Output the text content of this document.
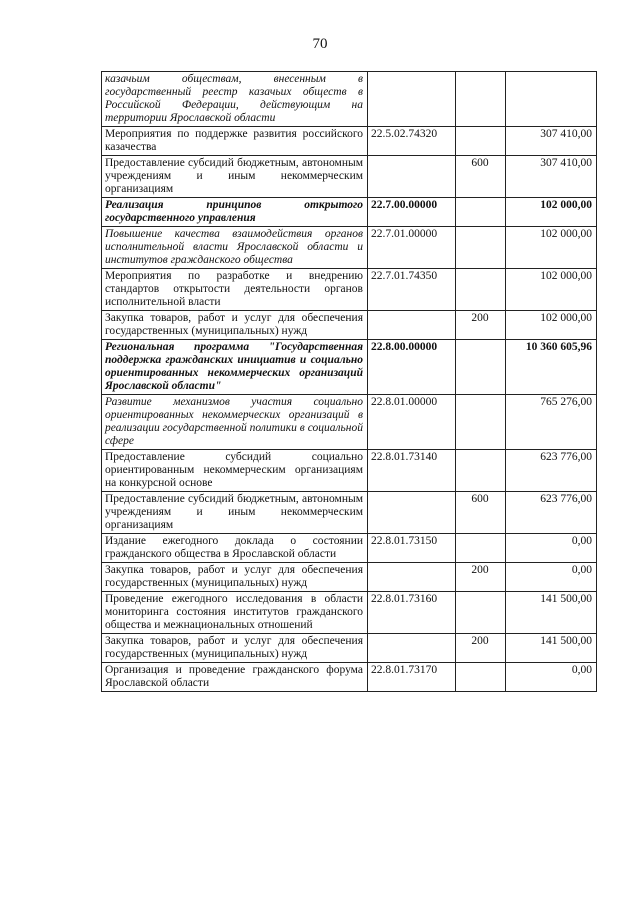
70
казачьим обществам, внесенным в государственный реестр казачьих обществ в Российской Федерации, действующим на территории Ярославской области			
Мероприятия по поддержке развития российского казачества	22.5.02.74320		307 410,00
Предоставление субсидий бюджетным, автономным учреждениям и иным некоммерческим организациям		600	307 410,00
Реализация принципов открытого государственного управления	22.7.00.00000		102 000,00
Повышение качества взаимодействия органов исполнительной власти Ярославской области и институтов гражданского общества	22.7.01.00000		102 000,00
Мероприятия по разработке и внедрению стандартов открытости деятельности органов исполнительной власти	22.7.01.74350		102 000,00
Закупка товаров, работ и услуг для обеспечения государственных (муниципальных) нужд		200	102 000,00
Региональная программа "Государственная поддержка гражданских инициатив и социально ориентированных некоммерческих организаций Ярославской области"	22.8.00.00000		10 360 605,96
Развитие механизмов участия социально ориентированных некоммерческих организаций в реализации государственной политики в социальной сфере	22.8.01.00000		765 276,00
Предоставление субсидий социально ориентированным некоммерческим организациям на конкурсной основе	22.8.01.73140		623 776,00
Предоставление субсидий бюджетным, автономным учреждениям и иным некоммерческим организациям		600	623 776,00
Издание ежегодного доклада о состоянии гражданского общества в Ярославской области	22.8.01.73150		0,00
Закупка товаров, работ и услуг для обеспечения государственных (муниципальных) нужд		200	0,00
Проведение ежегодного исследования в области мониторинга состояния институтов гражданского общества и межнациональных отношений	22.8.01.73160		141 500,00
Закупка товаров, работ и услуг для обеспечения государственных (муниципальных) нужд		200	141 500,00
Организация и проведение гражданского форума Ярославской области	22.8.01.73170		0,00
